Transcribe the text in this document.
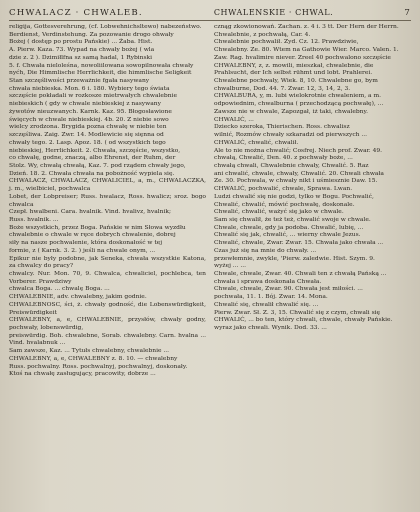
CHWALACZ · CHWALEB.	CHWALENSKIE · CHWAL.	7

religija, Gottesverehrung, (cf. Lobwehnichsltewo) nabezeństwo.

Berdienst, Verdinstehung. Za pozowanie drogo ohwały

Bożej ( dostęp po prostu Pańskie) ... Żaba. Hist.

A. Pierw. Kaza. 73. Wypad na chwały bożej ( wla

dzie z. 2 ). Dzimiłlfna sz samą hadal, 1 Rybinski

5. f. Chwała nieloleśna, nowoliilowana sowopilnowała chwały

nyćh, Die Himmlische Herrlichkeit, die himmlische Seligkeit

Stan szczęśliwości przeważnie fgała nasywany

chwała niebieska. Mon. 6 i. 180. Wybiery tego świata

szczęście pokładali w rozkosze mietrwałych chwalebnie

niebieskich ( gdy w chwale niebieskiej z nasywany

żywotów nieuzwanych. Karnk. Kaz. 95. Błogosławione

święcych w chwale niebieskiej. 4b. 20. Z niebie sowo

wielcy zrodzona. Brygida pozna chwałę w niebie ten

szczęśliwa. Zaig. Zwr. 14. Modlewicie się sięnna od

chwały tego. 2. Lasp. Apoz. 18. ( od wszystkich tego

niebieskiej, Herrlichkeit. 2. Chwała, szczęście, wszystko,

co chwałę, godne, znaczą, albo Ehrenst, der Ruhm, der

Stolz. Wy, chwałą chwałą, Kaz. 7. pod rządem chwały jego,

Dzień. 18. 2. Chwała chwała na pobożność wypiela się.

CHWALACZ, CHWALACZ, CHWALICIEL, a, m., CHWALACZKA, j. m., wielbiciel, pochwalca

Lobet, der Lobpreiser; Russ. hwalacz, Ross. hwalicz; sroz. bogo chwalca

Czepł. hwalbeni. Cara. hvalnik. Vind. hvalivz, hvalnik;

Russ. hvalnik. ...

Boże wszystkich, przez Boga. Pańskie w nim Słowa wyzdłu

chwalebnie o chwale w ręce dobrych chwalenie, dobrej

siły na nasze pochwalenie, która doskonałość w tej

formie, z ( Karnk. 3. 2. ) jeśli na chwale onym, ...

Epikur nie były podobne, jak Seneka, chwała wszystkie Katona, za chwalcy do pracy?

chwalcy. Nur. Mon. 70, 9. Chwalca, chwaliciel, pochlebca, ten Vorberer. Prawdziwy

chwalca Boga. ... chwalę Boga. ...

CHWALEBNIE, adv. chwalebny, jakim godnie.

CHWALEBNOSC, ści, ż. chwały godność, die Lobenswürdigkeit, Preiswürdigkeit

CHWALEBNY, a, e, CHWALEBNIE, przysłów, chwały godny, pochwały, lobenswürdig,

preiswürdig. Boh. chwalebne, Sorab. chwalebny. Carn. hvalna ... Vind. hvalabnuk ...

Sam zawsze, Kaz. ... Tytułs chwalebny, chwalebnie ...

CHWALEBNY, a, e, CHWALEBNY z. 8. 10. — chwalebny

Russ. pochwalny. Ross. pochwalnyj, pochwalnyj, doskonały.

Ktoś na chwałę zasługujący, pracowity, dobrze ...

cznąg zkowionowań. Zachan. z. 4 i. 3 tt. Der Hern der Herrn.

Chwalebnie, z pochwałą, Car. 4.

Chwalebnie pochwalił. Zyd. Cz. 12. Prawdziwie,

Chwalebny. Ze. 80. Wtem na Gathowie Wier. Marco. Valen. 1.

Zaw. Rag. hvalimire niever. Zreel 40 pochwalono szczęście

CHWALEBNY, z, z. mowili, mieszkał, chwalebnie, die

Prahlsucht, der Ich selbst rühmt und lobt. Prahlerei.

Chwalebne pochwały, Wiek. 8, 10. Chwalebne go, bym

chwalburne, Dod. 44. 7. Zwar. 12, 3, 14, 2, 3.

CHWALBURA, y, m. lubi wielokrotnie chwaleniem, a m.

odpowiednim, chwalburna ( przechodzącą pochwałę), ...

Zawsze nie w chwale, Zapozgał, iż taki, chwalebny.

CHWALIĆ, ...

Dziecko szeroka, Thierischen. Ross. chwalisz

wilnić, Rozmów chwały szkaradzi od pierwszych ...

CHWALIĆ, chwalić, chwalił.

Ale to nie można chwalić; Cosfrej. Niech prof. Zwar. 49.

chwałą, Chwalić, Den. 40. z pochwały boże, ...

chwałą chwali, Chwalebnie chwały, Chwalić. 5. Raz

ani chwalić, chwale, chwały, Chwalić. 20. Chwali chwała

Ze. 30. Pochwala, w chwały nikt i uśmiesznie Daw. 15.

CHWALIĆ, pochwalić, chwale, Sprawa. Lwan.

Ludzi chwalić się nie godzi, tylko w Bogu. Pochwalić,

Chwalić, chwalić, mówić pochwałę, doskonale.

Chwalić, chwalić, ważyć się jako w chwale.

Sam się chwalił, że też też, chwalić swoje w chwale.

Chwale, chwale, gdy ja podoba. Chwalić, lubię, ...

Chwalić się jak, chwalić, ... wierny chwale Jezus.

Chwalić, chwale, Zwar. Zwar. 15. Chwała jako chwała ...

Czas już się na mnie do chwały. ...

przewłemnie, zwykle, 'Pierw. zaledwie. Hist. Szym. 9.

wyżej ... ...

Chwale, chwale, Zwar. 40. Chwali ten z chwałą Pańską ...

chwała i sprawa doskonała Chwała.

Chwale, chwale, Zwar. 90. Chwała jest miłości. ...

pochwała, 11. 1. Bój. Zwar. 14. Mona.

Chwalić się, chwalił chwalić się. ...

Pierw. Zwar. Sł. Z. 3, 15. Chwalić się z czym, chwali się

CHWALIĆ, ... bo ten, który chwali, chwale, chwały Pańskie.

wyraz jako chwali. Wynik. Dod. 33. ...
